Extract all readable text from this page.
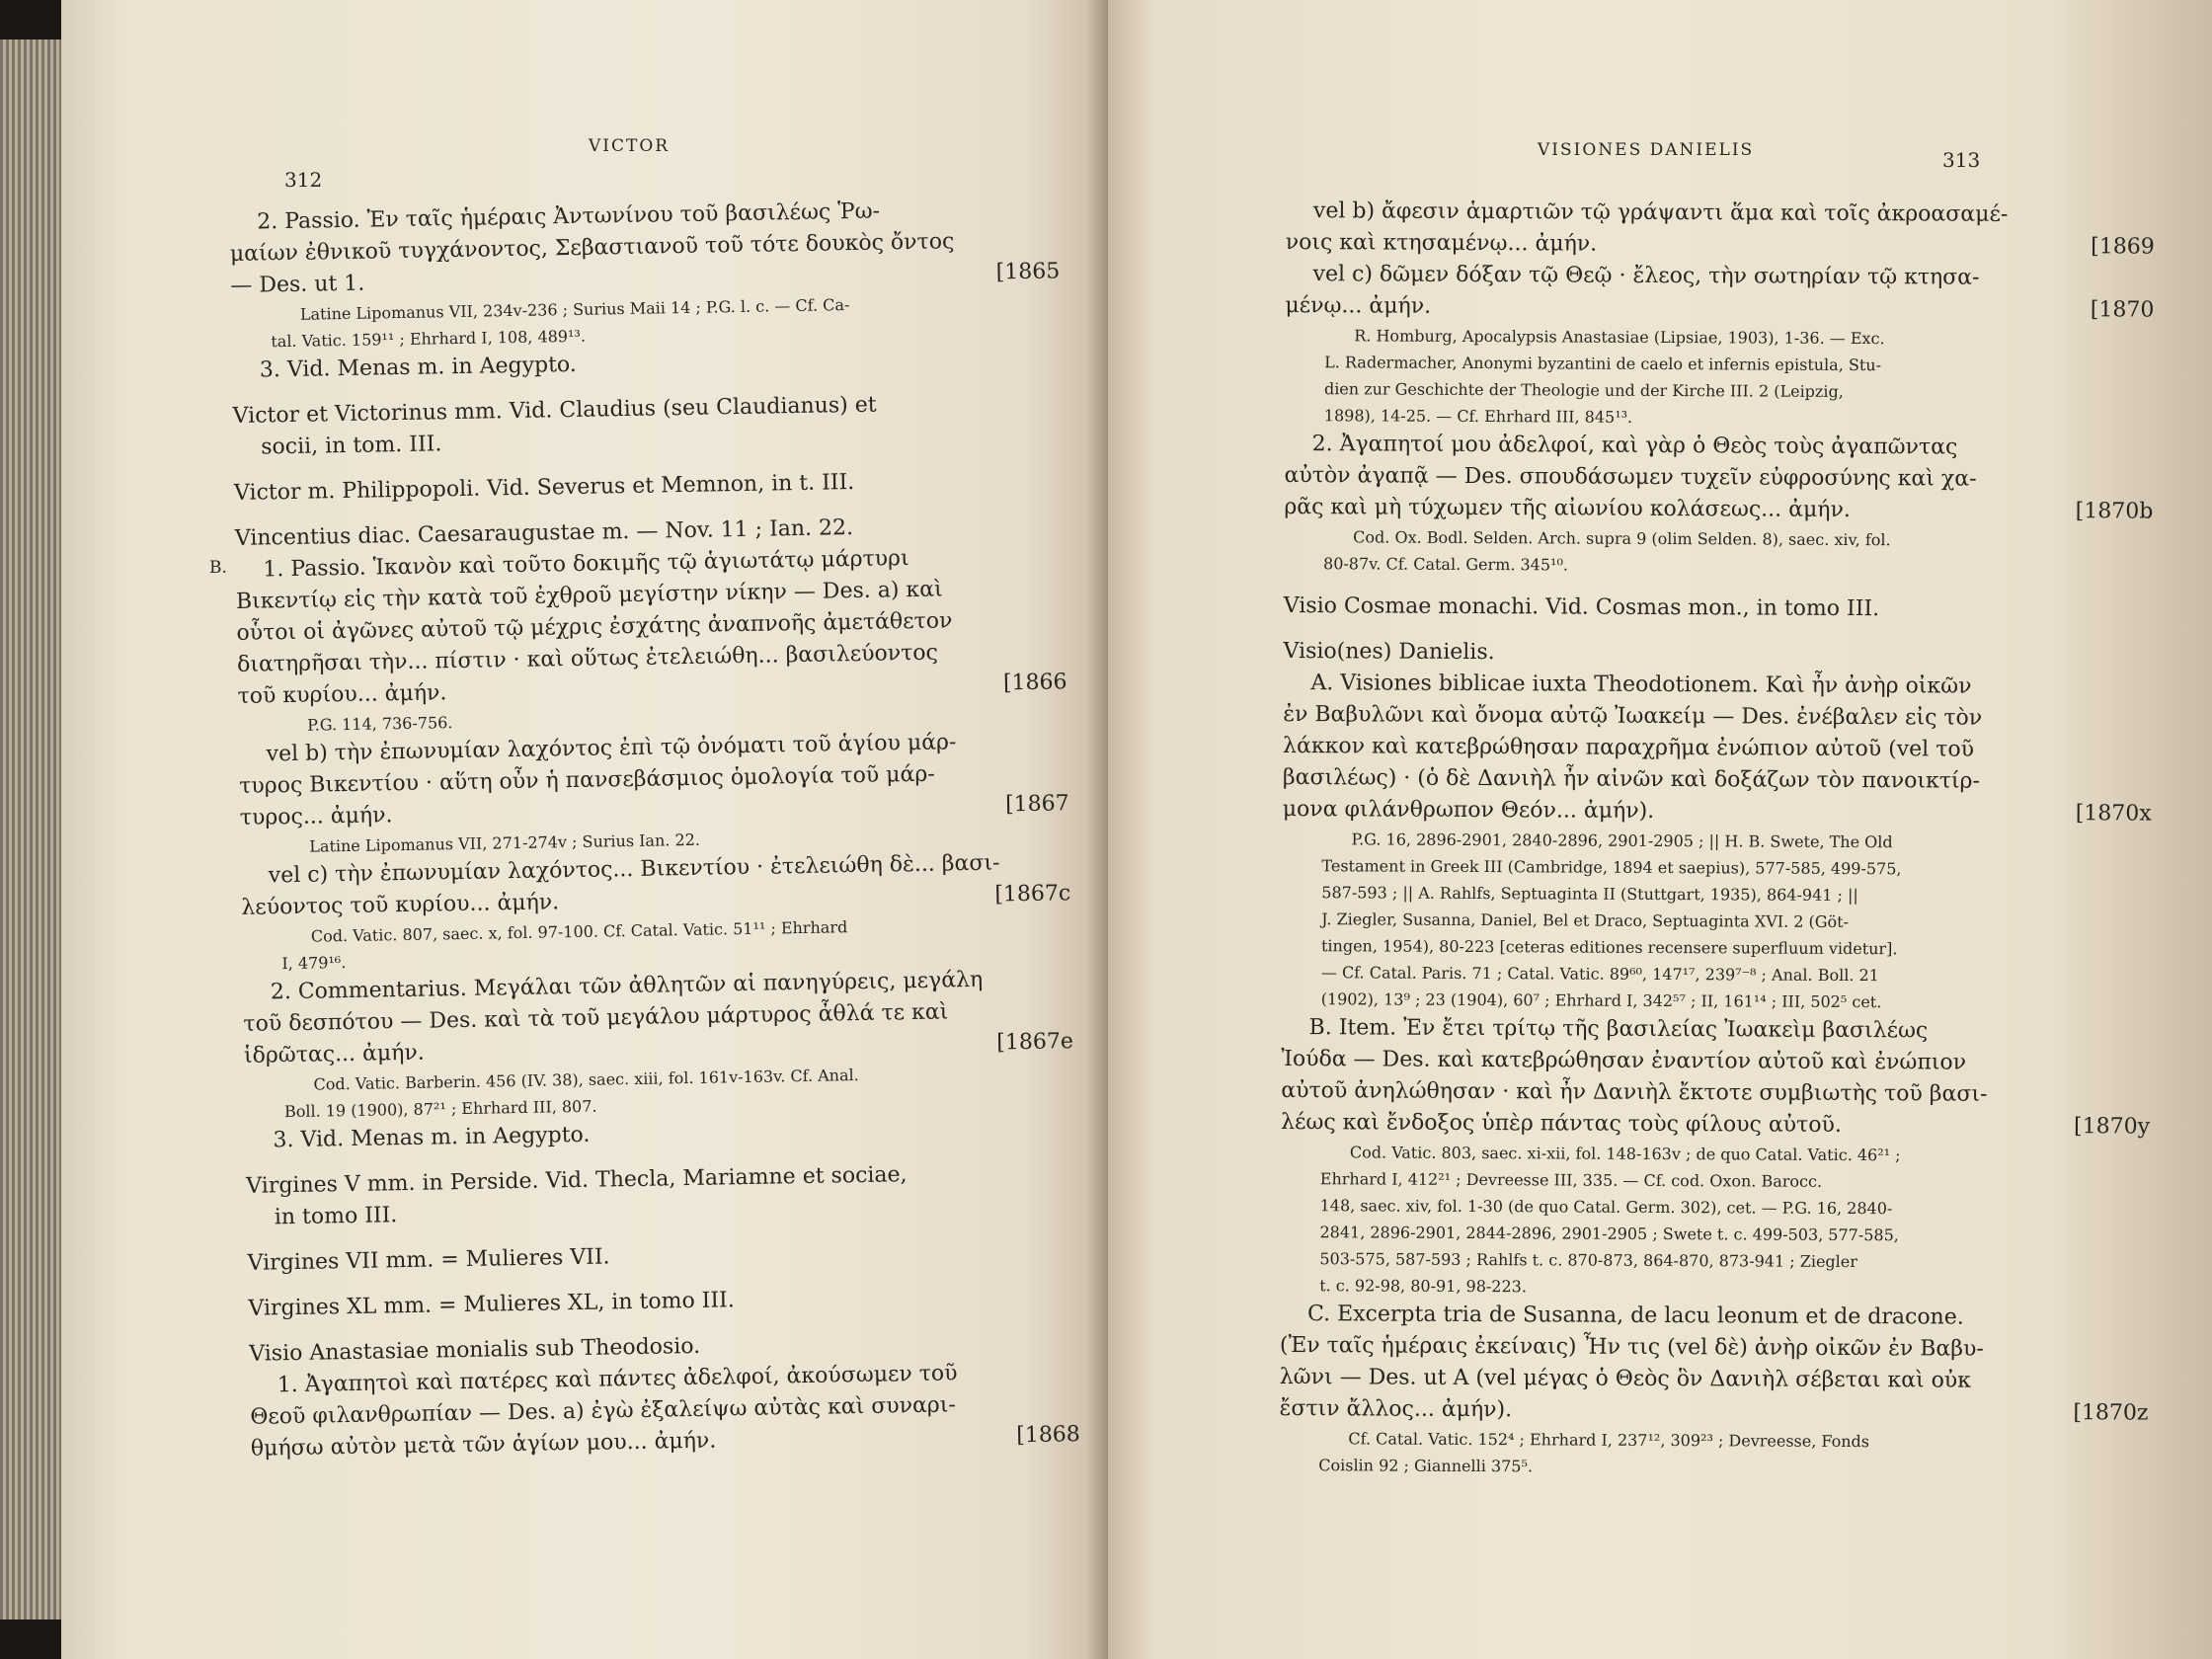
VICTOR
312
B.

2. Passio. Ἐν ταῖς ἡμέραις Ἀντωνίνου τοῦ βασιλέως Ῥω-

μαίων ἐθνικοῦ τυγχάνοντος, Σεβαστιανοῦ τοῦ τότε δουκὸς ὄντος

— Des. ut 1.	[1865

Latine Lipomanus VII, 234v-236 ; Surius Maii 14 ; P.G. l. c. — Cf. Ca-

tal. Vatic. 159¹¹ ; Ehrhard I, 108, 489¹³.

3. Vid. Menas m. in Aegypto.

Victor et Victorinus mm. Vid. Claudius (seu Claudianus) et

socii, in tom. III.

Victor m. Philippopoli. Vid. Severus et Memnon, in t. III.

Vincentius diac. Caesaraugustae m. — Nov. 11 ; Ian. 22.

1. Passio. Ἱκανὸν καὶ τοῦτο δοκιμῆς τῷ ἁγιωτάτῳ μάρτυρι

Βικεντίῳ εἰς τὴν κατὰ τοῦ ἐχθροῦ μεγίστην νίκην — Des. a) καὶ

οὗτοι οἱ ἀγῶνες αὐτοῦ τῷ μέχρις ἐσχάτης ἀναπνοῆς ἀμετάθετον

διατηρῆσαι τὴν... πίστιν · καὶ οὕτως ἐτελειώθη... βασιλεύοντος

τοῦ κυρίου... ἀμήν.	[1866

P.G. 114, 736-756.

vel b) τὴν ἐπωνυμίαν λαχόντος ἐπὶ τῷ ὀνόματι τοῦ ἁγίου μάρ-

τυρος Βικεντίου · αὕτη οὖν ἡ πανσεβάσμιος ὁμολογία τοῦ μάρ-

τυρος... ἀμήν.	[1867

Latine Lipomanus VII, 271-274v ; Surius Ian. 22.

vel c) τὴν ἐπωνυμίαν λαχόντος... Βικεντίου · ἐτελειώθη δὲ... βασι-

λεύοντος τοῦ κυρίου... ἀμήν.	[1867c

Cod. Vatic. 807, saec. x, fol. 97-100. Cf. Catal. Vatic. 51¹¹ ; Ehrhard

I, 479¹⁶.

2. Commentarius. Μεγάλαι τῶν ἀθλητῶν αἱ πανηγύρεις, μεγάλη

τοῦ δεσπότου — Des. καὶ τὰ τοῦ μεγάλου μάρτυρος ἆθλά τε καὶ

ἱδρῶτας... ἀμήν.	[1867e

Cod. Vatic. Barberin. 456 (IV. 38), saec. xiii, fol. 161v-163v. Cf. Anal.

Boll. 19 (1900), 87²¹ ; Ehrhard III, 807.

3. Vid. Menas m. in Aegypto.

Virgines V mm. in Perside. Vid. Thecla, Mariamne et sociae,

in tomo III.

Virgines VII mm. = Mulieres VII.

Virgines XL mm. = Mulieres XL, in tomo III.

Visio Anastasiae monialis sub Theodosio.

1. Ἀγαπητοὶ καὶ πατέρες καὶ πάντες ἀδελφοί, ἀκούσωμεν τοῦ

Θεοῦ φιλανθρωπίαν — Des. a) ἐγὼ ἐξαλείψω αὐτὰς καὶ συναρι-

θμήσω αὐτὸν μετὰ τῶν ἁγίων μου... ἀμήν.	[1868

VISIONES DANIELIS	313

vel b) ἄφεσιν ἁμαρτιῶν τῷ γράψαντι ἅμα καὶ τοῖς ἀκροασαμέ-

νοις καὶ κτησαμένῳ... ἀμήν.	[1869

vel c) δῶμεν δόξαν τῷ Θεῷ · ἔλεος, τὴν σωτηρίαν τῷ κτησα-

μένῳ... ἀμήν.	[1870

R. Homburg, Apocalypsis Anastasiae (Lipsiae, 1903), 1-36. — Exc.

L. Radermacher, Anonymi byzantini de caelo et infernis epistula, Stu-

dien zur Geschichte der Theologie und der Kirche III. 2 (Leipzig,

1898), 14-25. — Cf. Ehrhard III, 845¹³.

2. Ἀγαπητοί μου ἀδελφοί, καὶ γὰρ ὁ Θεὸς τοὺς ἀγαπῶντας

αὐτὸν ἀγαπᾷ — Des. σπουδάσωμεν τυχεῖν εὐφροσύνης καὶ χα-

ρᾶς καὶ μὴ τύχωμεν τῆς αἰωνίου κολάσεως... ἀμήν.	[1870b

Cod. Ox. Bodl. Selden. Arch. supra 9 (olim Selden. 8), saec. xiv, fol.

80-87v. Cf. Catal. Germ. 345¹⁰.

Visio Cosmae monachi. Vid. Cosmas mon., in tomo III.

Visio(nes) Danielis.

A. Visiones biblicae iuxta Theodotionem. Καὶ ἦν ἀνὴρ οἰκῶν

ἐν Βαβυλῶνι καὶ ὄνομα αὐτῷ Ἰωακείμ — Des. ἐνέβαλεν εἰς τὸν

λάκκον καὶ κατεβρώθησαν παραχρῆμα ἐνώπιον αὐτοῦ (vel τοῦ

βασιλέως) · (ὁ δὲ Δανιὴλ ἦν αἰνῶν καὶ δοξάζων τὸν πανοικτίρ-

μονα φιλάνθρωπον Θεόν... ἀμήν).	[1870x

P.G. 16, 2896-2901, 2840-2896, 2901-2905 ; || H. B. Swete, The Old

Testament in Greek III (Cambridge, 1894 et saepius), 577-585, 499-575,

587-593 ; || A. Rahlfs, Septuaginta II (Stuttgart, 1935), 864-941 ; ||

J. Ziegler, Susanna, Daniel, Bel et Draco, Septuaginta XVI. 2 (Göt-

tingen, 1954), 80-223 [ceteras editiones recensere superfluum videtur].

— Cf. Catal. Paris. 71 ; Catal. Vatic. 89⁶⁰, 147¹⁷, 239⁷⁻⁸ ; Anal. Boll. 21

(1902), 13⁹ ; 23 (1904), 60⁷ ; Ehrhard I, 342⁵⁷ ; II, 161¹⁴ ; III, 502⁵ cet.

B. Item. Ἐν ἔτει τρίτῳ τῆς βασιλείας Ἰωακεὶμ βασιλέως

Ἰούδα — Des. καὶ κατεβρώθησαν ἐναντίον αὐτοῦ καὶ ἐνώπιον

αὐτοῦ ἀνηλώθησαν · καὶ ἦν Δανιὴλ ἔκτοτε συμβιωτὴς τοῦ βασι-

λέως καὶ ἔνδοξος ὑπὲρ πάντας τοὺς φίλους αὐτοῦ.	[1870y

Cod. Vatic. 803, saec. xi-xii, fol. 148-163v ; de quo Catal. Vatic. 46²¹ ;

Ehrhard I, 412²¹ ; Devreesse III, 335. — Cf. cod. Oxon. Barocc.

148, saec. xiv, fol. 1-30 (de quo Catal. Germ. 302), cet. — P.G. 16, 2840-

2841, 2896-2901, 2844-2896, 2901-2905 ; Swete t. c. 499-503, 577-585,

503-575, 587-593 ; Rahlfs t. c. 870-873, 864-870, 873-941 ; Ziegler

t. c. 92-98, 80-91, 98-223.

C. Excerpta tria de Susanna, de lacu leonum et de dracone.

(Ἐν ταῖς ἡμέραις ἐκείναις) Ἦν τις (vel δὲ) ἀνὴρ οἰκῶν ἐν Βαβυ-

λῶνι — Des. ut A (vel μέγας ὁ Θεὸς ὃν Δανιὴλ σέβεται καὶ οὐκ

ἔστιν ἄλλος... ἀμήν).	[1870z

Cf. Catal. Vatic. 152⁴ ; Ehrhard I, 237¹², 309²³ ; Devreesse, Fonds

Coislin 92 ; Giannelli 375⁵.
